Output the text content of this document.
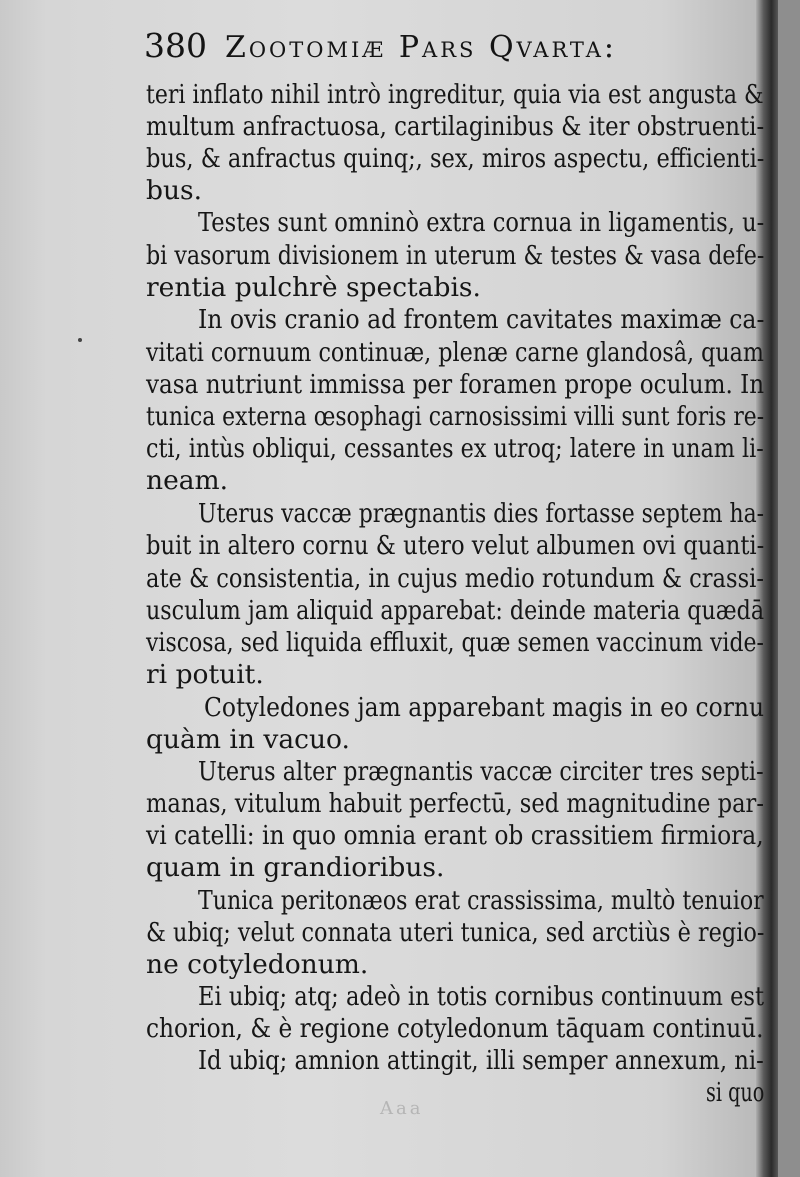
Aaa
380 Zootomiæ Pars Qvarta:
teri inflato nihil intrò ingreditur, quia via est angusta &
multum anfractuosa, cartilaginibus & iter obstruenti-
bus, & anfractus quinq;, sex, miros aspectu, efficienti-
bus.
Testes sunt omninò extra cornua in ligamentis, u-
bi vasorum divisionem in uterum & testes & vasa defe-
rentia pulchrè spectabis.
In ovis cranio ad frontem cavitates maximæ ca-
vitati cornuum continuæ, plenæ carne glandosâ, quam
vasa nutriunt immissa per foramen prope oculum. In
tunica externa œsophagi carnosissimi villi sunt foris re-
cti, intùs obliqui, cessantes ex utroq; latere in unam li-
neam.
Uterus vaccæ prægnantis dies fortasse septem ha-
buit in altero cornu & utero velut albumen ovi quanti-
ate & consistentia, in cujus medio rotundum & crassi-
usculum jam aliquid apparebat: deinde materia quædā
viscosa, sed liquida effluxit, quæ semen vaccinum vide-
ri potuit.
Cotyledones jam apparebant magis in eo cornu
quàm in vacuo.
Uterus alter prægnantis vaccæ circiter tres septi-
manas, vitulum habuit perfectū, sed magnitudine par-
vi catelli: in quo omnia erant ob crassitiem firmiora,
quam in grandioribus.
Tunica peritonæos erat crassissima, multò tenuior
& ubiq; velut connata uteri tunica, sed arctiùs è regio-
ne cotyledonum.
Ei ubiq; atq; adeò in totis cornibus continuum est
chorion, & è regione cotyledonum tāquam continuū.
Id ubiq; amnion attingit, illi semper annexum, ni-
si quo
